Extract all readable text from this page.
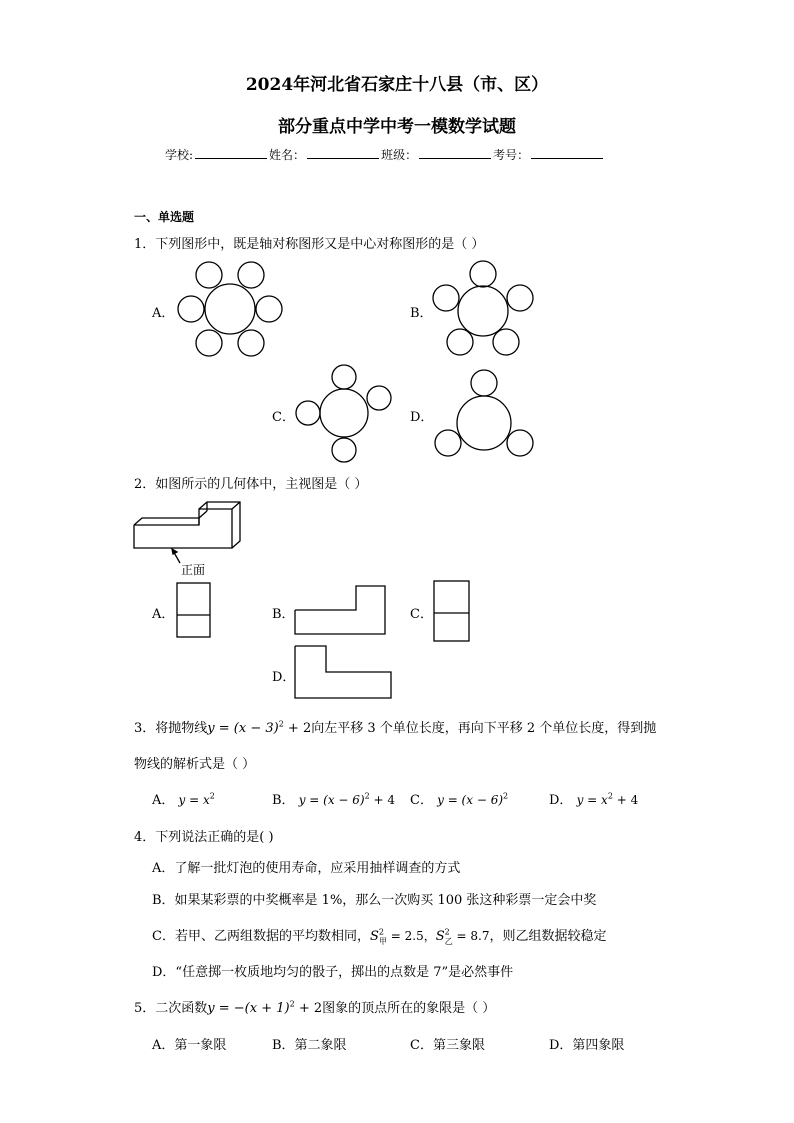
2024年河北省石家庄十八县（市、区）
部分重点中学中考一模数学试题
学校:	姓名：	班级：	考号：
一、单选题
1．下列图形中，既是轴对称图形又是中心对称图形的是（ ）
A．	B．
C．	D．
2．如图所示的几何体中，主视图是（ ）
正面
A．	B．	C．
D．
3．将抛物线$y = (x - 3)^2 + 2$向左平移 3 个单位长度，再向下平移 2 个单位长度，得到抛
物线的解析式是（ ）
A． $y = x^2$	B． $y = (x - 6)^2 + 4$ C． $y = (x - 6)^2$	D． $y = x^2 + 4$
4．下列说法正确的是( )
A．了解一批灯泡的使用寿命，应采用抽样调查的方式
B．如果某彩票的中奖概率是 1%，那么一次购买 100 张这种彩票一定会中奖
C．若甲、乙两组数据的平均数相同，$S^2_甲 = 2.5$，$S^2_乙 = 8.7$，则乙组数据较稳定
D．“任意掷一枚质地均匀的骰子，掷出的点数是 7”是必然事件
5．二次函数$y = -(x + 1)^2 + 2$图象的顶点所在的象限是（ ）
A．第一象限	B．第二象限	C．第三象限	D．第四象限
